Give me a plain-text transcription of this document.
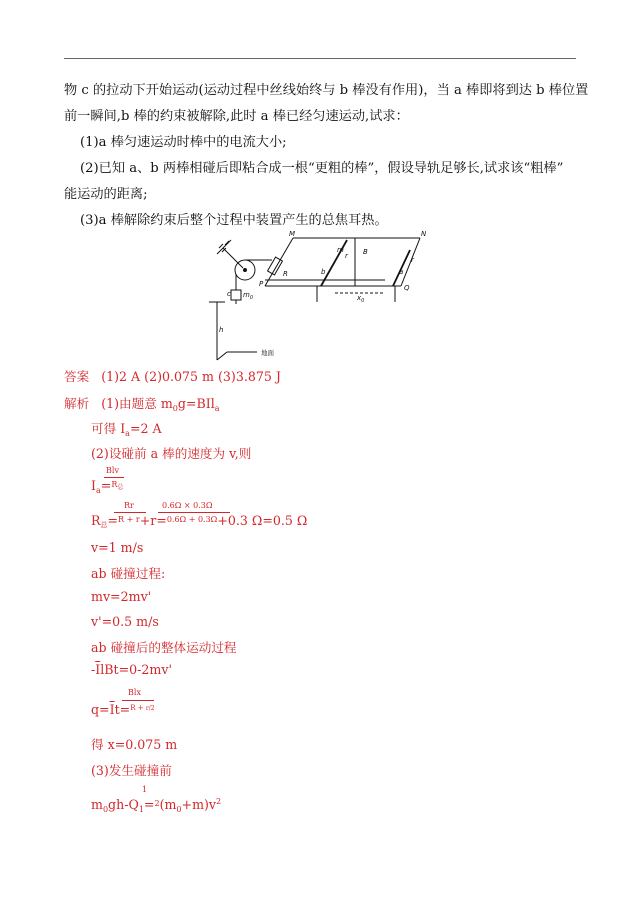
物 c 的拉动下开始运动(运动过程中丝线始终与 b 棒没有作用)，当 a 棒即将到达 b 棒位置
前一瞬间,b 棒的约束被解除,此时 a 棒已经匀速运动,试求：
(1)a 棒匀速运动时棒中的电流大小;
(2)已知 a、b 两棒相碰后即粘合成一根“更粗的棒”，假设导轨足够长,试求该“粗棒”
能运动的距离;
(3)a 棒解除约束后整个过程中装置产生的总焦耳热。
M	N
P	Q
R
m
r B
b
r
a
c $m_0$
h
$x_0$
地面
答案 (1)2 A (2)0.075 m (3)3.875 J
解析 (1)由题意 $m_0g=BIl_a$
可得 $I_a=2$ A
(2)设碰前 a 棒的速度为 v,则
Blv
$I_a=^R$总
Rr	0.6Ω × 0.3Ω
R总=$^{R + r}$+r=$^{0.6\Omega + 0.3\Omega}$+0.3 Ω=0.5 Ω
v=1 m/s
ab 碰撞过程:
mv=2mv'
v'=0.5 m/s
ab 碰撞后的整体运动过程
$-\overline{I}lBt=0-2mv'$
Blx
$q=\overline{I}t=^{R +}$ $^{r/2}$
得 x=0.075 m
(3)发生碰撞前
1
$m_0gh-Q_1=^2(m_0+m)v^2$
